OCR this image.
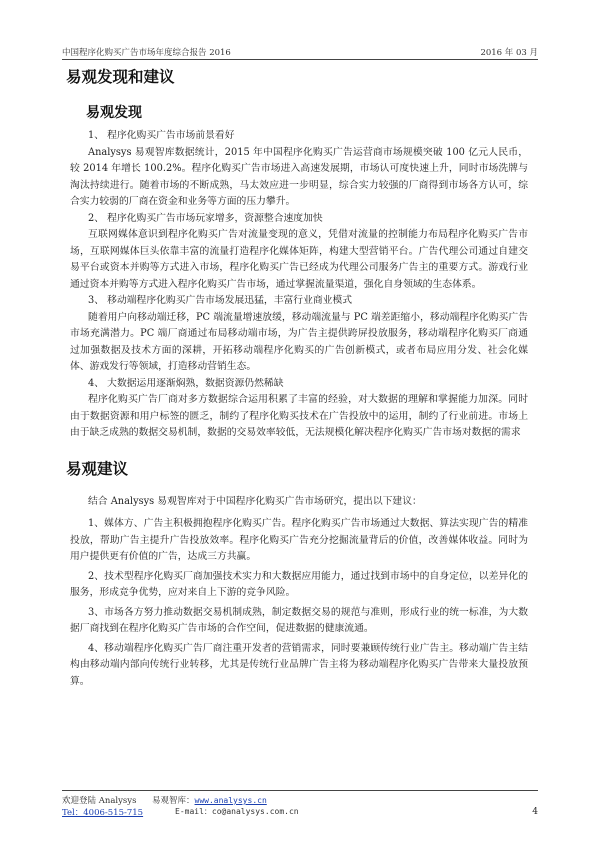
中国程序化购买广告市场年度综合报告 2016	2016 年 03 月
易观发现和建议
易观发现

1、 程序化购买广告市场前景看好

Analysys 易观智库数据统计，2015 年中国程序化购买广告运营商市场规模突破 100 亿元人民币，较 2014 年增长 100.2%。程序化购买广告市场进入高速发展期，市场认可度快速上升，同时市场洗牌与淘汰持续进行。随着市场的不断成熟，马太效应进一步明显，综合实力较强的厂商得到市场各方认可，综合实力较弱的厂商在资金和业务等方面的压力攀升。

2、 程序化购买广告市场玩家增多，资源整合速度加快

互联网媒体意识到程序化购买广告对流量变现的意义，凭借对流量的控制能力布局程序化购买广告市场，互联网媒体巨头依靠丰富的流量打造程序化媒体矩阵，构建大型营销平台。广告代理公司通过自建交易平台或资本并购等方式进入市场，程序化购买广告已经成为代理公司服务广告主的重要方式。游戏行业通过资本并购等方式进入程序化购买广告市场，通过掌握流量渠道，强化自身领域的生态体系。

3、 移动端程序化购买广告市场发展迅猛，丰富行业商业模式

随着用户向移动端迁移，PC 端流量增速放缓，移动端流量与 PC 端差距缩小，移动端程序化购买广告市场充满潜力。PC 端厂商通过布局移动端市场，为广告主提供跨屏投放服务，移动端程序化购买厂商通过加强数据及技术方面的深耕，开拓移动端程序化购买的广告创新模式，或者布局应用分发、社会化媒体、游戏发行等领域，打造移动营销生态。

4、 大数据运用逐渐焖熟，数据资源仍然稀缺

程序化购买广告厂商对多方数据综合运用积累了丰富的经验，对大数据的理解和掌握能力加深。同时由于数据资源和用户标签的匮乏，制约了程序化购买技术在广告投放中的运用，制约了行业前进。市场上由于缺乏成熟的数据交易机制，数据的交易效率较低，无法规模化解决程序化购买广告市场对数据的需求

易观建议

结合 Analysys 易观智库对于中国程序化购买广告市场研究，提出以下建议：

1、媒体方、广告主积极拥抱程序化购买广告。程序化购买广告市场通过大数据、算法实现广告的精准投放，帮助广告主提升广告投放效率。程序化购买广告充分挖掘流量背后的价值，改善媒体收益。同时为用户提供更有价值的广告，达成三方共赢。

2、技术型程序化购买厂商加强技术实力和大数据应用能力，通过找到市场中的自身定位，以差异化的服务，形成竞争优势，应对来自上下游的竞争风险。

3、市场各方努力推动数据交易机制成熟，制定数据交易的规范与准则，形成行业的统一标准，为大数据厂商找到在程序化购买广告市场的合作空间，促进数据的健康流通。

4、移动端程序化购买广告厂商注重开发者的营销需求，同时要兼顾传统行业广告主。移动端广告主结构由移动端内部向传统行业转移，尤其是传统行业品牌广告主将为移动端程序化购买广告带来大量投放预算。

欢迎登陆 Analysys 易观智库：www.analysys.cn
Tel：4006-515-715	E-mail：co@analysys.com.cn	4
